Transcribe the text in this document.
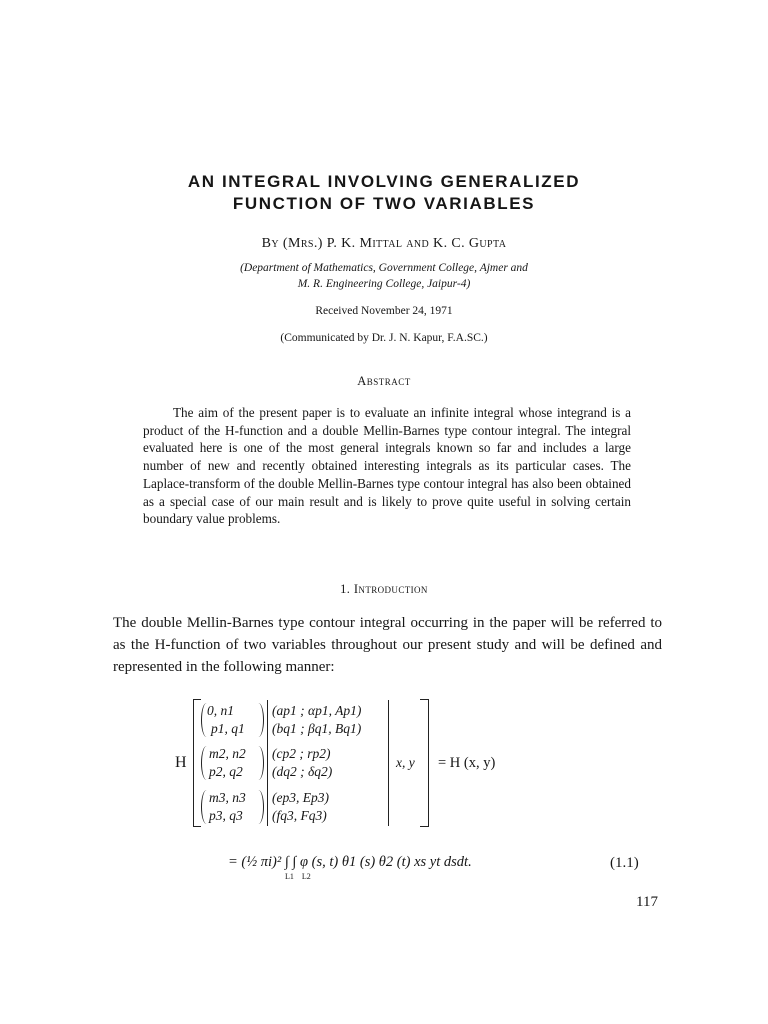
AN INTEGRAL INVOLVING GENERALIZED
FUNCTION OF TWO VARIABLES
By (Mrs.) P. K. Mittal and K. C. Gupta
(Department of Mathematics, Government College, Ajmer and
M. R. Engineering College, Jaipur-4)
Received November 24, 1971
(Communicated by Dr. J. N. Kapur, F.A.SC.)
Abstract
The aim of the present paper is to evaluate an infinite integral whose integrand is a product of the H-function and a double Mellin-Barnes type contour integral. The integral evaluated here is one of the most general integrals known so far and includes a large number of new and recently obtained interesting integrals as its particular cases. The Laplace-transform of the double Mellin-Barnes type contour integral has also been obtained as a special case of our main result and is likely to prove quite useful in solving certain boundary value problems.
1. Introduction
The double Mellin-Barnes type contour integral occurring in the paper will be referred to as the H-function of two variables throughout our present study and will be defined and represented in the following manner:
H
0, n1
p1, q1
(ap1 ; αp1, Ap1)
(bq1 ; βq1, Bq1)
m2, n2
p2, q2
(cp2 ; rp2)
(dq2 ; δq2)
x, y = H (x, y)
m3, n3
p3, q3
(ep3, Ep3)
(fq3, Fq3)
= (½ πi)² ∫ ∫ φ (s, t) θ1 (s) θ2 (t) xs yt dsdt.
L1 L2
(1.1)
117
